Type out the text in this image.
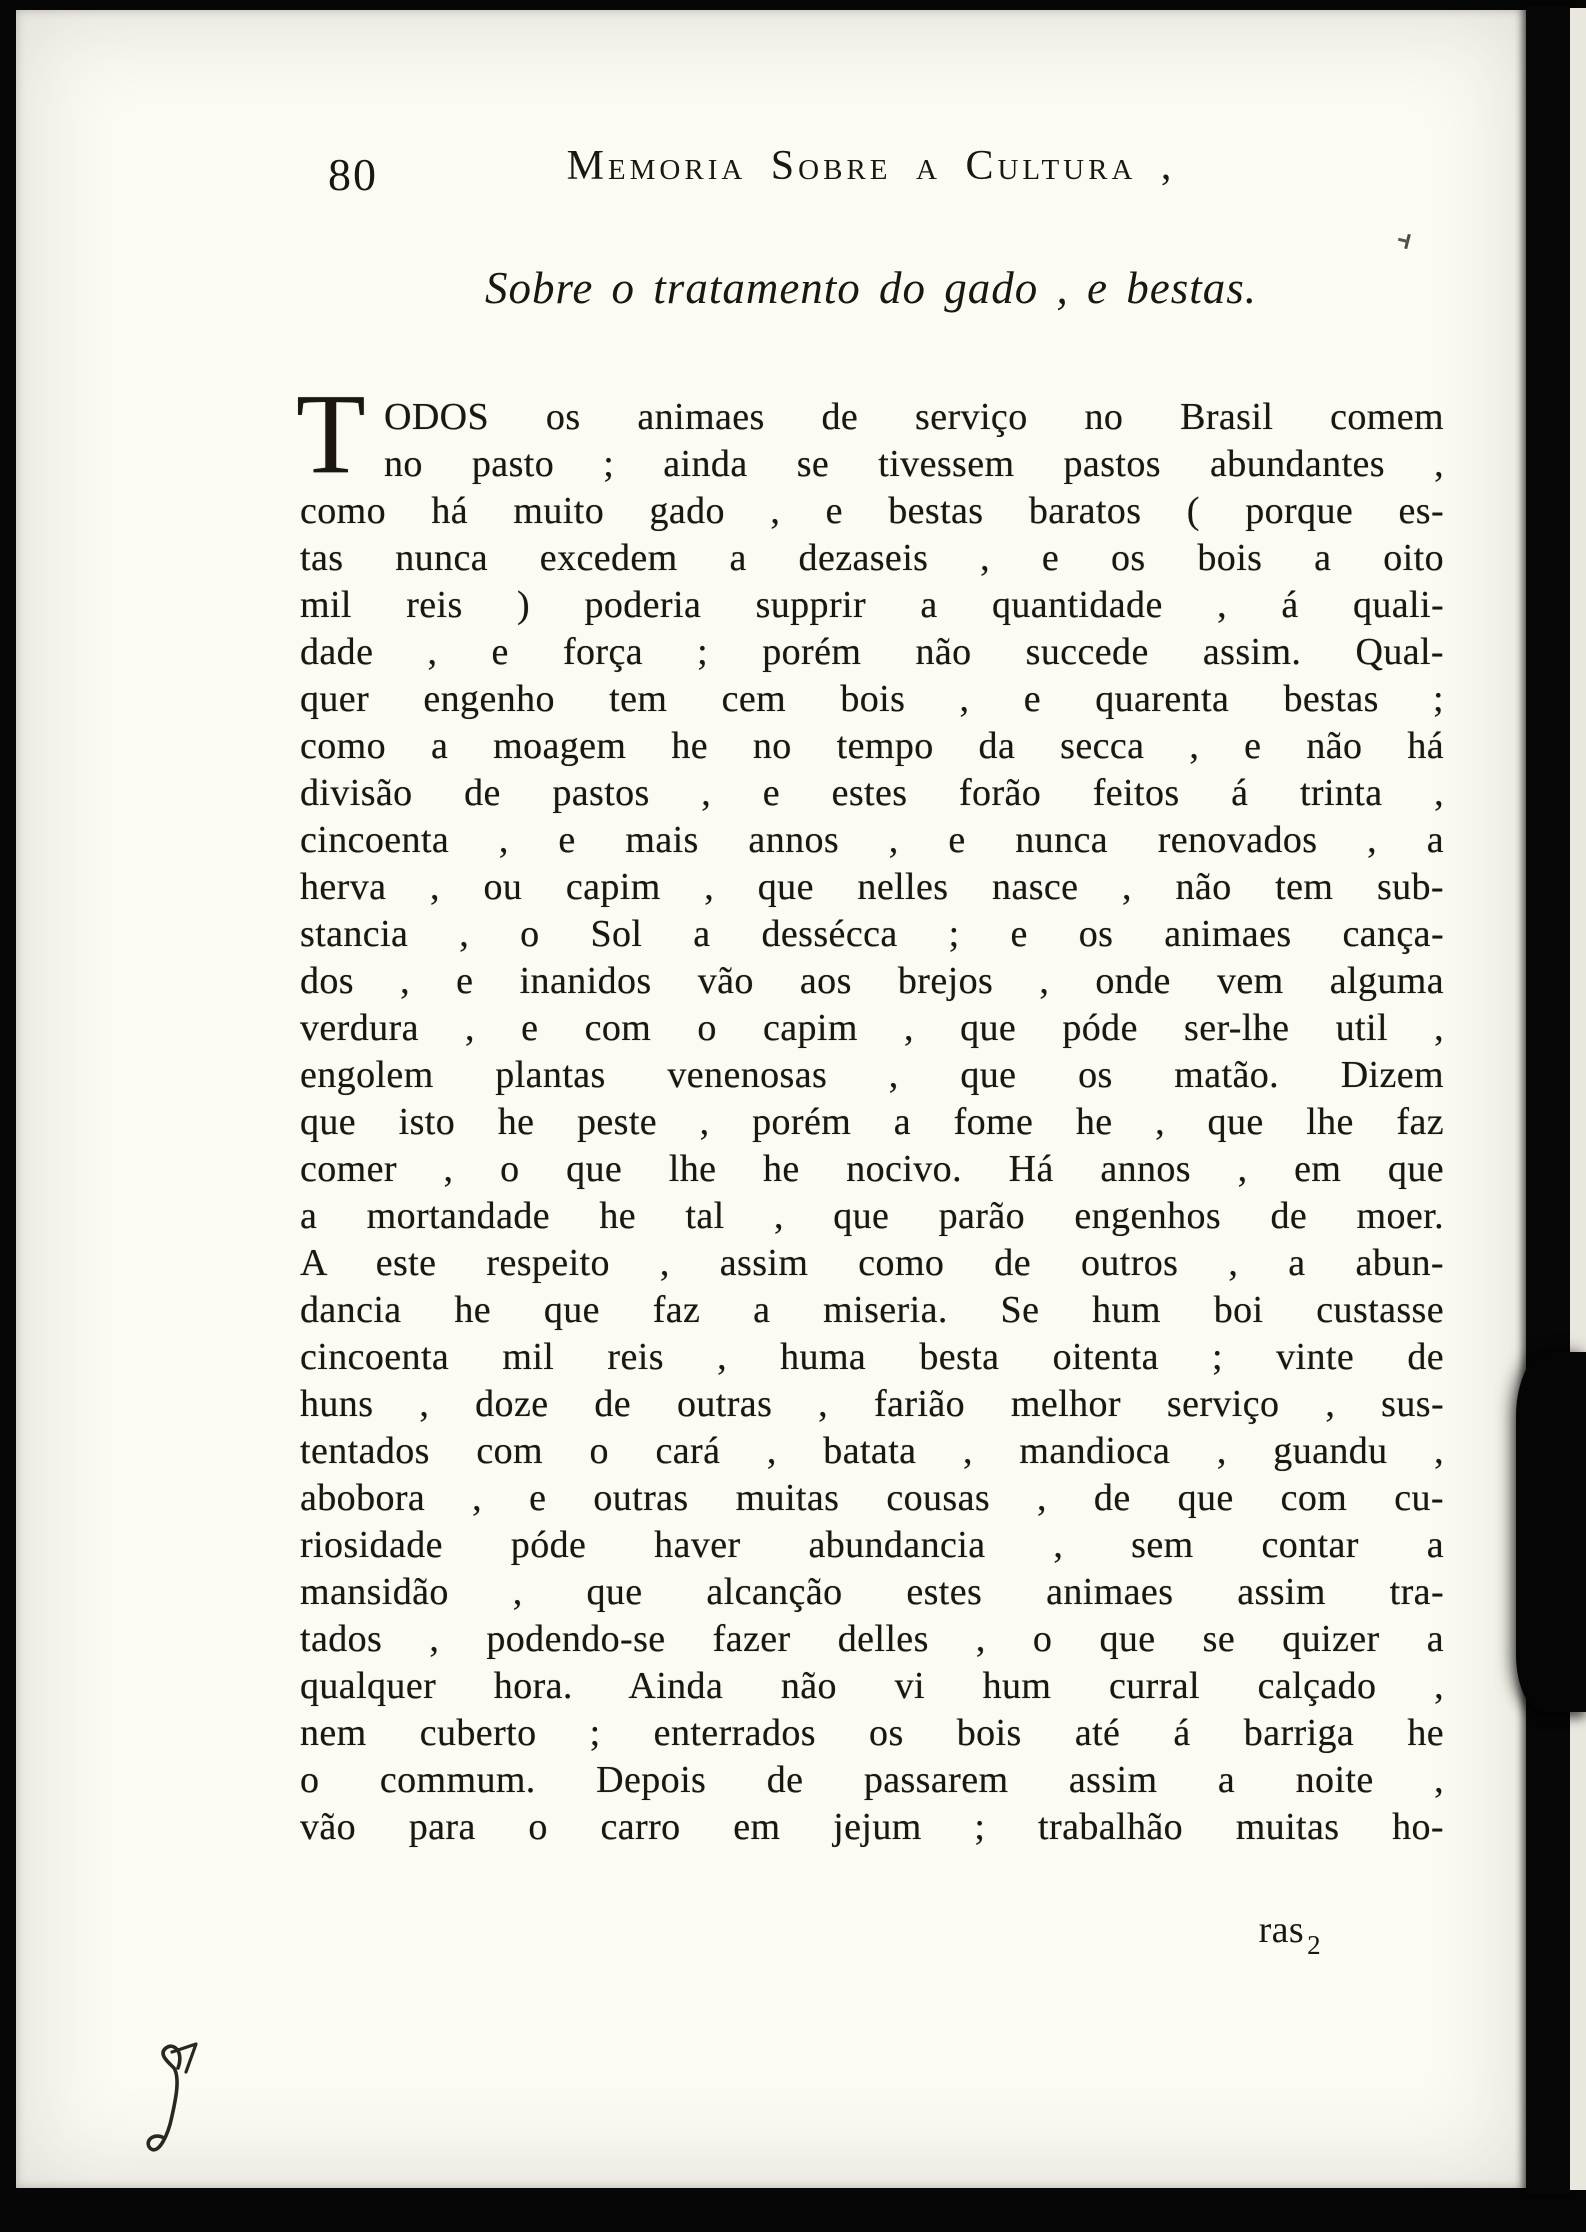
80	Memoria Sobre a Cultura ,
Sobre o tratamento do gado , e bestas.
T ODOS os animaes de serviço no Brasil comem
no pasto ; ainda se tivessem pastos abundantes ,
como há muito gado , e bestas baratos ( porque es-
tas nunca excedem a dezaseis , e os bois a oito
mil reis ) poderia supprir a quantidade , á quali-
dade , e força ; porém não succede assim. Qual-
quer engenho tem cem bois , e quarenta bestas ;
como a moagem he no tempo da secca , e não há
divisão de pastos , e estes forão feitos á trinta ,
cincoenta , e mais annos , e nunca renovados , a
herva , ou capim , que nelles nasce , não tem sub-
stancia , o Sol a dessécca ; e os animaes cança-
dos , e inanidos vão aos brejos , onde vem alguma
verdura , e com o capim , que póde ser-lhe util ,
engolem plantas venenosas , que os matão. Dizem
que isto he peste , porém a fome he , que lhe faz
comer , o que lhe he nocivo. Há annos , em que
a mortandade he tal , que parão engenhos de moer.
A este respeito , assim como de outros , a abun-
dancia he que faz a miseria. Se hum boi custasse
cincoenta mil reis , huma besta oitenta ; vinte de
huns , doze de outras , farião melhor serviço , sus-
tentados com o cará , batata , mandioca , guandu ,
abobora , e outras muitas cousas , de que com cu-
riosidade póde haver abundancia , sem contar a
mansidão , que alcanção estes animaes assim tra-
tados , podendo-se fazer delles , o que se quizer a
qualquer hora. Ainda não vi hum curral calçado ,
nem cuberto ; enterrados os bois até á barriga he
o commum. Depois de passarem assim a noite ,
vão para o carro em jejum ; trabalhão muitas ho-
ras $_2$
